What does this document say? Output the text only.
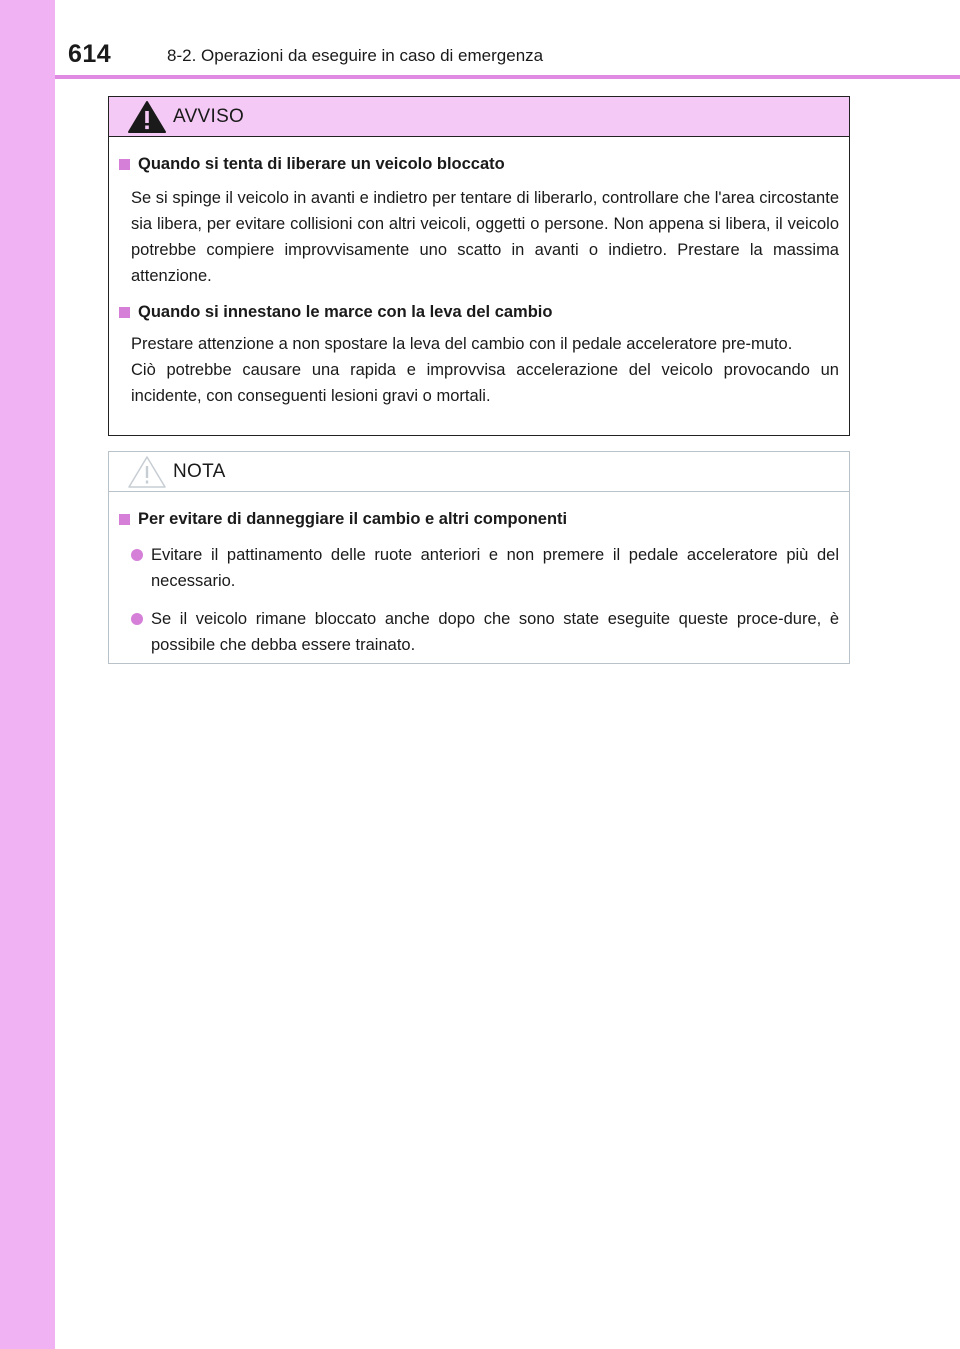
614	8-2. Operazioni da eseguire in caso di emergenza
AVVISO
Quando si tenta di liberare un veicolo bloccato
Se si spinge il veicolo in avanti e indietro per tentare di liberarlo, controllare che l'area circostante sia libera, per evitare collisioni con altri veicoli, oggetti o persone. Non appena si libera, il veicolo potrebbe compiere improvvisamente uno scatto in avanti o indietro. Prestare la massima attenzione.
Quando si innestano le marce con la leva del cambio
Prestare attenzione a non spostare la leva del cambio con il pedale acceleratore pre-muto.
Ciò potrebbe causare una rapida e improvvisa accelerazione del veicolo provocando un incidente, con conseguenti lesioni gravi o mortali.
NOTA
Per evitare di danneggiare il cambio e altri componenti
Evitare il pattinamento delle ruote anteriori e non premere il pedale acceleratore più del necessario.
Se il veicolo rimane bloccato anche dopo che sono state eseguite queste proce-dure, è possibile che debba essere trainato.
